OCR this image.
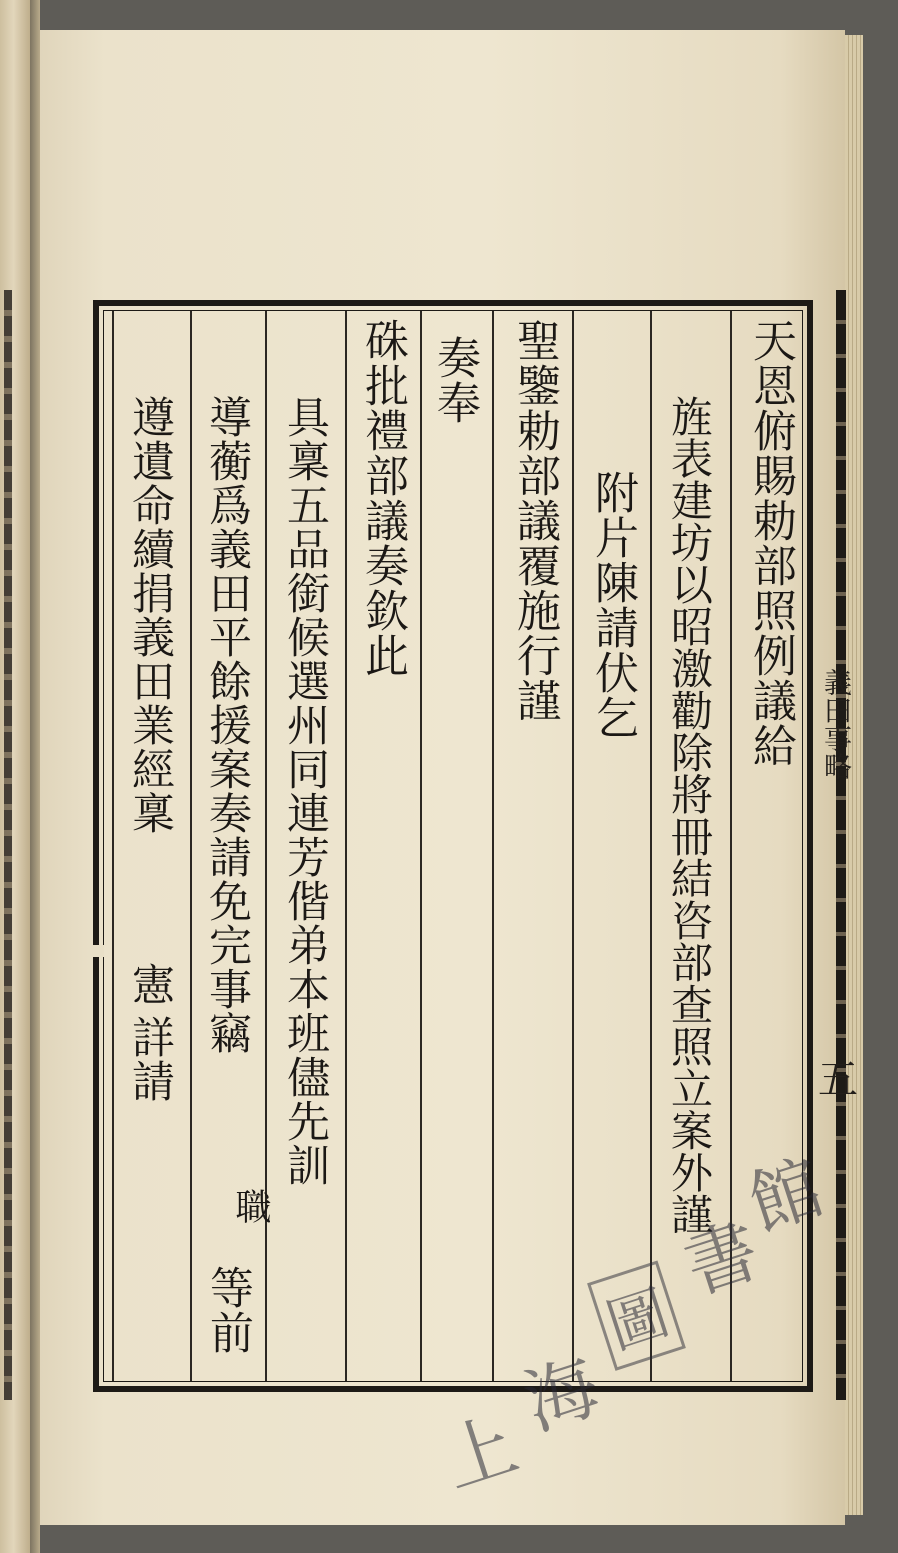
義田事略
五
天恩俯賜勅部照例議給
旌表建坊以昭激勸除將冊結咨部查照立案外謹
附片陳請伏乞
聖鑒勅部議覆施行謹
奏奉
硃批禮部議奏欽此
具稟五品銜候選州同連芳偕弟本班儘先訓
導蘅爲義田平餘援案奏請免完事竊
職
等前
遵遺命續捐義田業經稟
詳請
憲
上
海
圖
書
館
